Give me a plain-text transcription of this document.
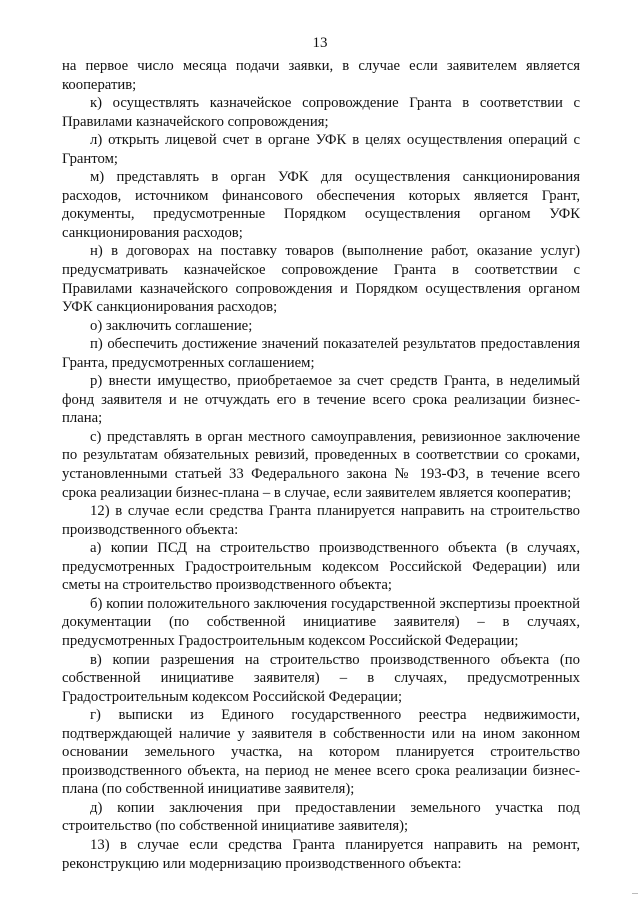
13

на первое число месяца подачи заявки, в случае если заявителем является кооператив;

к) осуществлять казначейское сопровождение Гранта в соответствии с Правилами казначейского сопровождения;

л) открыть лицевой счет в органе УФК в целях осуществления операций с Грантом;

м) представлять в орган УФК для осуществления санкционирования расходов, источником финансового обеспечения которых является Грант, документы, предусмотренные Порядком осуществления органом УФК санкционирования расходов;

н) в договорах на поставку товаров (выполнение работ, оказание услуг) предусматривать казначейское сопровождение Гранта в соответствии с Правилами казначейского сопровождения и Порядком осуществления органом УФК санкционирования расходов;

о) заключить соглашение;

п) обеспечить достижение значений показателей результатов предоставления Гранта, предусмотренных соглашением;

р) внести имущество, приобретаемое за счет средств Гранта, в неделимый фонд заявителя и не отчуждать его в течение всего срока реализации бизнес-плана;

с) представлять в орган местного самоуправления, ревизионное заключение по результатам обязательных ревизий, проведенных в соответствии со сроками, установленными статьей 33 Федерального закона № 193-ФЗ, в течение всего срока реализации бизнес-плана – в случае, если заявителем является кооператив;

12) в случае если средства Гранта планируется направить на строительство производственного объекта:

а) копии ПСД на строительство производственного объекта (в случаях, предусмотренных Градостроительным кодексом Российской Федерации) или сметы на строительство производственного объекта;

б) копии положительного заключения государственной экспертизы проектной документации (по собственной инициативе заявителя) – в случаях, предусмотренных Градостроительным кодексом Российской Федерации;

в) копии разрешения на строительство производственного объекта (по собственной инициативе заявителя) – в случаях, предусмотренных Градостроительным кодексом Российской Федерации;

г) выписки из Единого государственного реестра недвижимости, подтверждающей наличие у заявителя в собственности или на ином законном основании земельного участка, на котором планируется строительство производственного объекта, на период не менее всего срока реализации бизнес-плана (по собственной инициативе заявителя);

д) копии заключения при предоставлении земельного участка под строительство (по собственной инициативе заявителя);

13) в случае если средства Гранта планируется направить на ремонт, реконструкцию или модернизацию производственного объекта:
